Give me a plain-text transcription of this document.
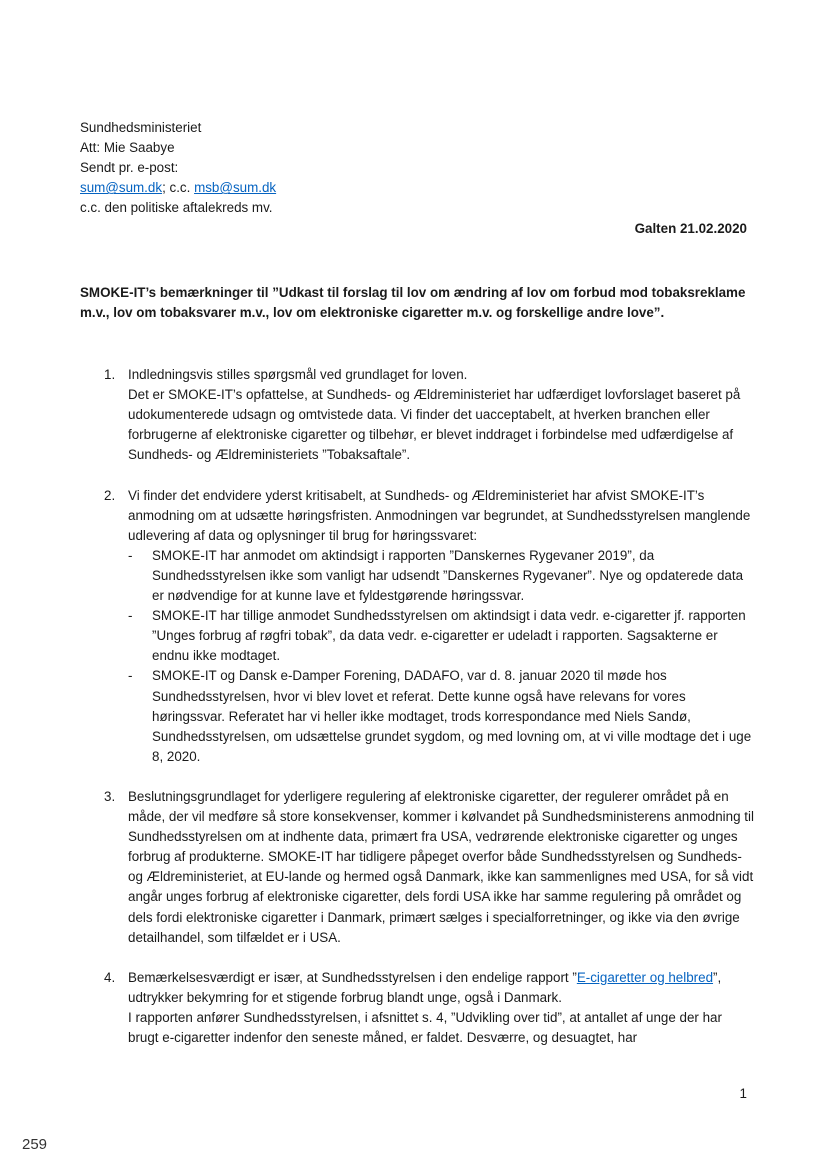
Sundhedsministeriet
Att: Mie Saabye
Sendt pr. e-post:
sum@sum.dk; c.c. msb@sum.dk
c.c. den politiske aftalekreds mv.
Galten 21.02.2020
SMOKE-IT’s bemærkninger til ”Udkast til forslag til lov om ændring af lov om forbud mod tobaksreklame m.v., lov om tobaksvarer m.v., lov om elektroniske cigaretter m.v. og forskellige andre love”.
1. Indledningsvis stilles spørgsmål ved grundlaget for loven.
Det er SMOKE-IT’s opfattelse, at Sundheds- og Ældreministeriet har udfærdiget lovforslaget baseret på udokumenterede udsagn og omtvistede data. Vi finder det uacceptabelt, at hverken branchen eller forbrugerne af elektroniske cigaretter og tilbehør, er blevet inddraget i forbindelse med udfærdigelse af Sundheds- og Ældreministeriets ”Tobaksaftale”.
2. Vi finder det endvidere yderst kritisabelt, at Sundheds- og Ældreministeriet har afvist SMOKE-IT’s anmodning om at udsætte høringsfristen. Anmodningen var begrundet, at Sundhedsstyrelsen manglende udlevering af data og oplysninger til brug for høringssvaret:
- SMOKE-IT har anmodet om aktindsigt i rapporten ”Danskernes Rygevaner 2019”, da Sundhedsstyrelsen ikke som vanligt har udsendt ”Danskernes Rygevaner”. Nye og opdaterede data er nødvendige for at kunne lave et fyldestgørende høringssvar.
- SMOKE-IT har tillige anmodet Sundhedsstyrelsen om aktindsigt i data vedr. e-cigaretter jf. rapporten ”Unges forbrug af røgfri tobak”, da data vedr. e-cigaretter er udeladt i rapporten. Sagsakterne er endnu ikke modtaget.
- SMOKE-IT og Dansk e-Damper Forening, DADAFO, var d. 8. januar 2020 til møde hos Sundhedsstyrelsen, hvor vi blev lovet et referat. Dette kunne også have relevans for vores høringssvar. Referatet har vi heller ikke modtaget, trods korrespondance med Niels Sandø, Sundhedsstyrelsen, om udsættelse grundet sygdom, og med lovning om, at vi ville modtage det i uge 8, 2020.
3. Beslutningsgrundlaget for yderligere regulering af elektroniske cigaretter, der regulerer området på en måde, der vil medføre så store konsekvenser, kommer i kølvandet på Sundhedsministerens anmodning til Sundhedsstyrelsen om at indhente data, primært fra USA, vedrørende elektroniske cigaretter og unges forbrug af produkterne. SMOKE-IT har tidligere påpeget overfor både Sundhedsstyrelsen og Sundheds- og Ældreministeriet, at EU-lande og hermed også Danmark, ikke kan sammenlignes med USA, for så vidt angår unges forbrug af elektroniske cigaretter, dels fordi USA ikke har samme regulering på området og dels fordi elektroniske cigaretter i Danmark, primært sælges i specialforretninger, og ikke via den øvrige detailhandel, som tilfældet er i USA.
4. Bemærkelsesværdigt er især, at Sundhedsstyrelsen i den endelige rapport ”E-cigaretter og helbred”, udtrykker bekymring for et stigende forbrug blandt unge, også i Danmark.
I rapporten anfører Sundhedsstyrelsen, i afsnittet s. 4, ”Udvikling over tid”, at antallet af unge der har brugt e-cigaretter indenfor den seneste måned, er faldet. Desværre, og desuagtet, har
1
259
